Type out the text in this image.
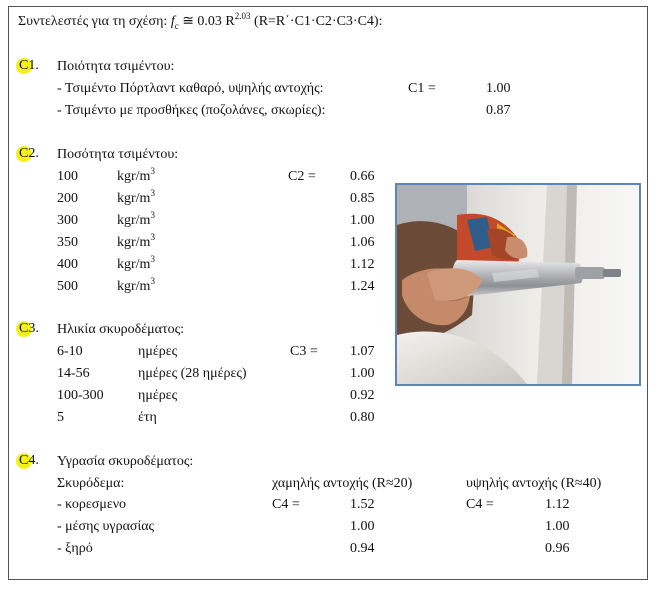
Συντελεστές για τη σχέση: $f_c$ ≅ 0.03 $R^{2.03}$ (R=R΄·C1·C2·C3·C4):
C1. Ποιότητα τσιμέντου:
- Τσιμέντο Πόρτλαντ καθαρό, υψηλής αντοχής:	C1 =	1.00
- Τσιμέντο με προσθήκες (ποζολάνες, σκωρίες):	0.87
C2. Ποσότητα τσιμέντου:
C2 =
100	kgr/$m^3$	0.66
200	kgr/$m^3$	0.85
300	kgr/$m^3$	1.00
350	kgr/$m^3$	1.06
400	kgr/$m^3$	1.12
500	kgr/$m^3$	1.24
C3. Ηλικία σκυροδέματος:
C3 =
6-10	ημέρες	1.07
14-56	ημέρες (28 ημέρες)	1.00
100-300 ημέρες	0.92
5	έτη	0.80
C4. Υγρασία σκυροδέματος:
Σκυρόδεμα:	χαμηλής αντοχής (R≈20)	υψηλής αντοχής (R≈40)
C4 =	C4 =
- κορεσμενο	1.52	1.12
- μέσης υγρασίας	1.00	1.00
- ξηρό	0.94	0.96
